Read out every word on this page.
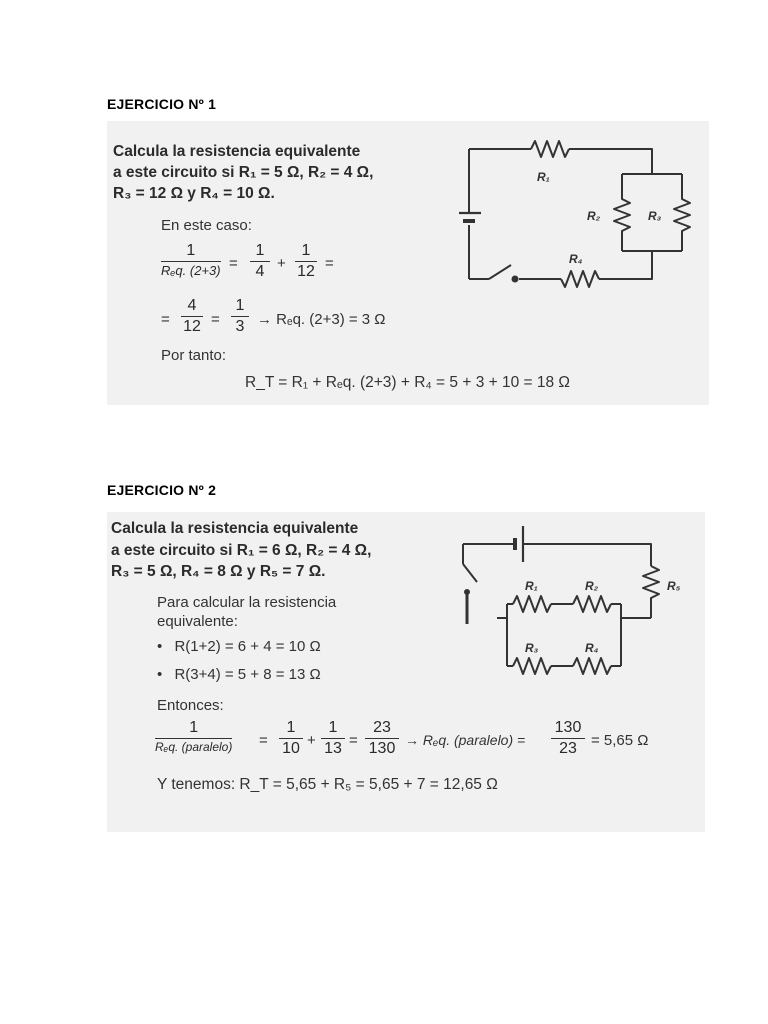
EJERCICIO Nº 1
Calcula la resistencia equivalente
a este circuito si R₁ = 5 Ω, R₂ = 4 Ω,
R₃ = 12 Ω y R₄ = 10 Ω.
En este caso:
1
Rₑq. $(2+3) = \frac{1}{4} + \frac{1}{12}$ =
= $\frac{4}{12} = \frac{1}{3} \to R_eq$. (2+3) = 3 Ω
Por tanto:
R_T = R₁ + Rₑq. (2+3) + R₄ = 5 + 3 + 10 = 18 Ω
R₁
R₂	R₃
R₄
EJERCICIO Nº 2
Calcula la resistencia equivalente
a este circuito si R₁ = 6 Ω, R₂ = 4 Ω,
R₃ = 5 Ω, R₄ = 8 Ω y R₅ = 7 Ω.
Para calcular la resistencia
equivalente:
• R(1+2) = 6 + 4 = 10 Ω
• R(3+4) = 5 + 8 = 13 Ω
Entonces:
1
Rₑq. (paralelo) = $\frac{1}{10} + \frac{1}{13} = \frac{23}{130} \to R_eq$. (paralelo) = $\frac{130}{23} = 5,65$ Ω
Y tenemos: R_T = 5,65 + R₅ = 5,65 + 7 = 12,65 Ω
R₁	R₂
R₃	R₄
R₅
